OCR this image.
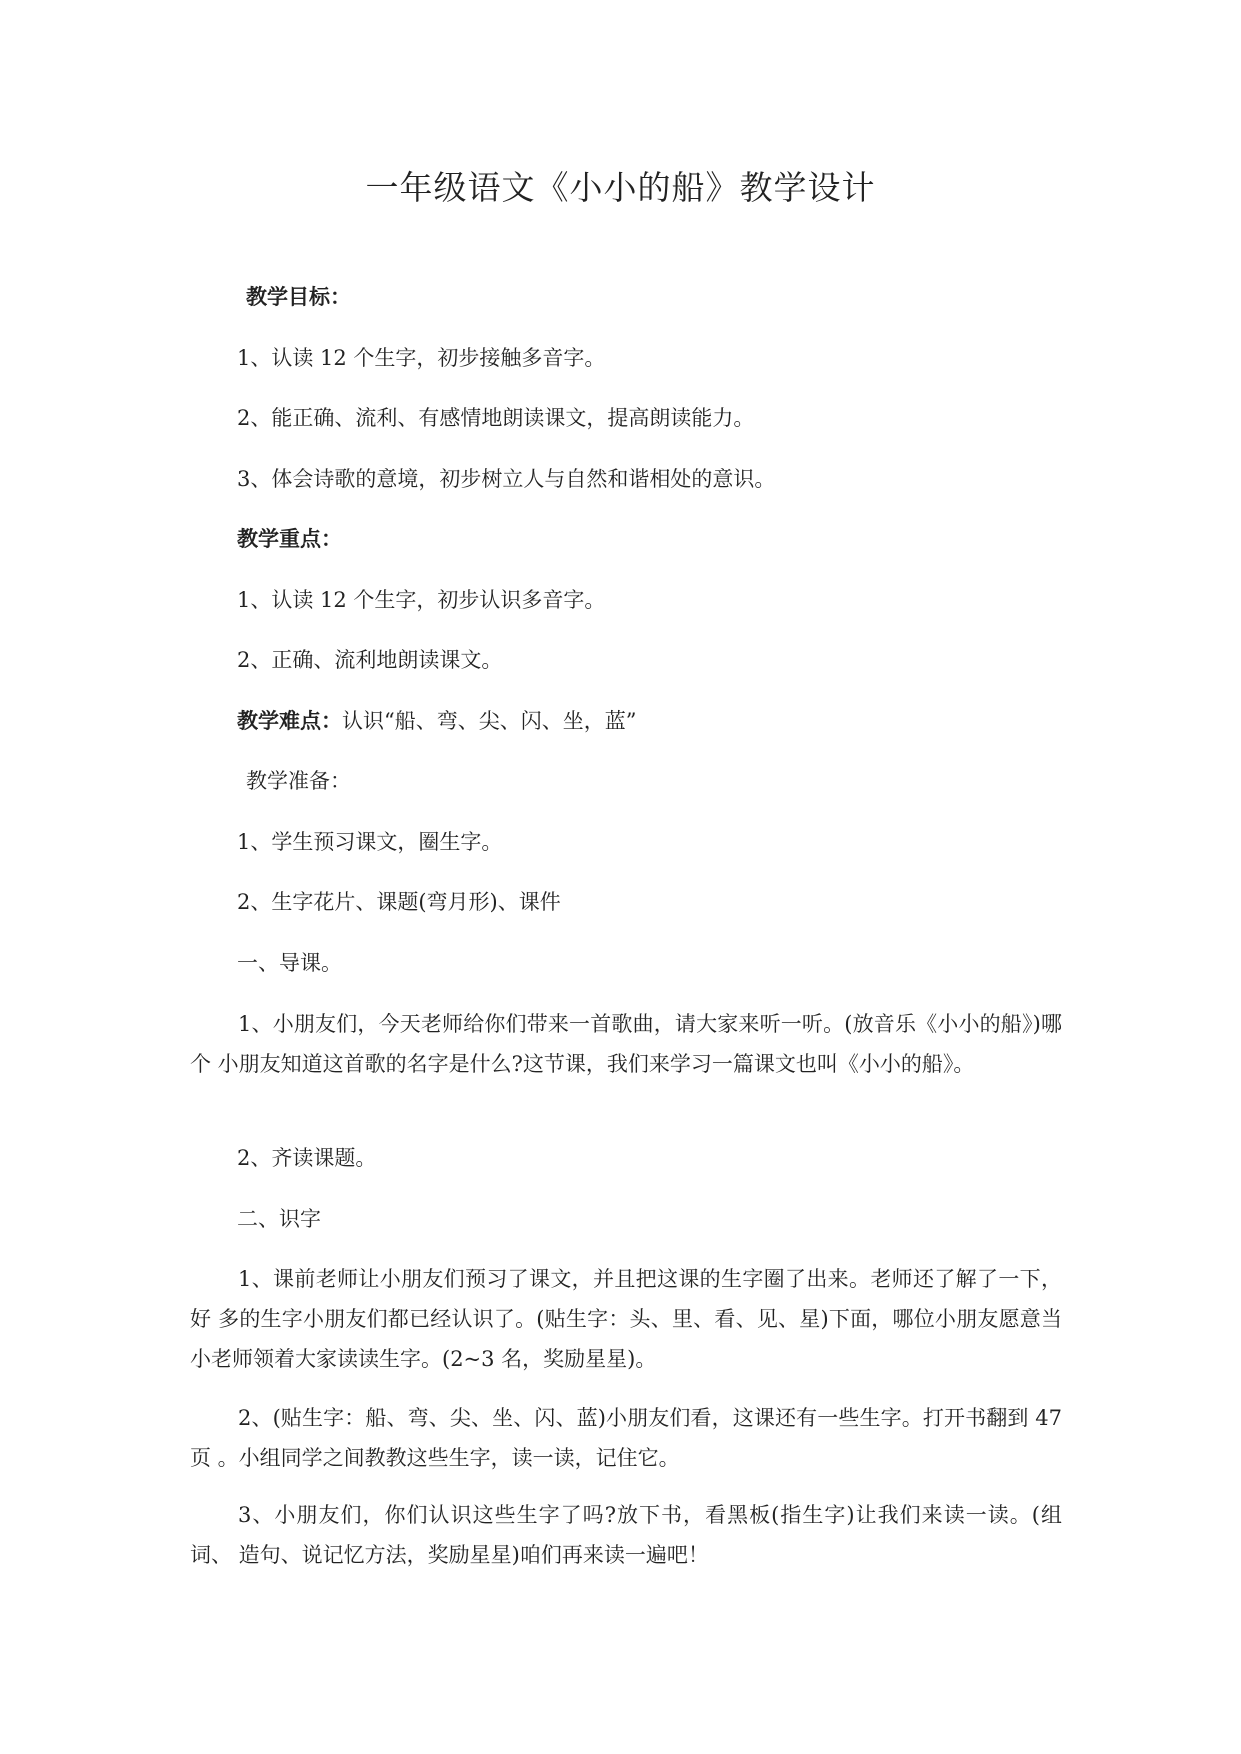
一年级语文《小小的船》教学设计

教学目标：

1、认读 12 个生字，初步接触多音字。

2、能正确、流利、有感情地朗读课文，提高朗读能力。

3、体会诗歌的意境，初步树立人与自然和谐相处的意识。

教学重点：

1、认读 12 个生字，初步认识多音字。

2、正确、流利地朗读课文。

教学难点：认识“船、弯、尖、闪、坐，蓝”

教学准备：

1、学生预习课文，圈生字。

2、生字花片、课题(弯月形)、课件

一、导课。

1、小朋友们，今天老师给你们带来一首歌曲，请大家来听一听。(放音乐《小小的船》)哪个 小朋友知道这首歌的名字是什么?这节课，我们来学习一篇课文也叫《小小的船》。

2、齐读课题。

二、识字

1、课前老师让小朋友们预习了课文，并且把这课的生字圈了出来。老师还了解了一下，好 多的生字小朋友们都已经认识了。(贴生字：头、里、看、见、星)下面，哪位小朋友愿意当 小老师领着大家读读生字。(2~3 名，奖励星星)。

2、(贴生字：船、弯、尖、坐、闪、蓝)小朋友们看，这课还有一些生字。打开书翻到 47 页 。小组同学之间教教这些生字，读一读，记住它。

3、小朋友们，你们认识这些生字了吗?放下书，看黑板(指生字)让我们来读一读。(组词、 造句、说记忆方法，奖励星星)咱们再来读一遍吧！
